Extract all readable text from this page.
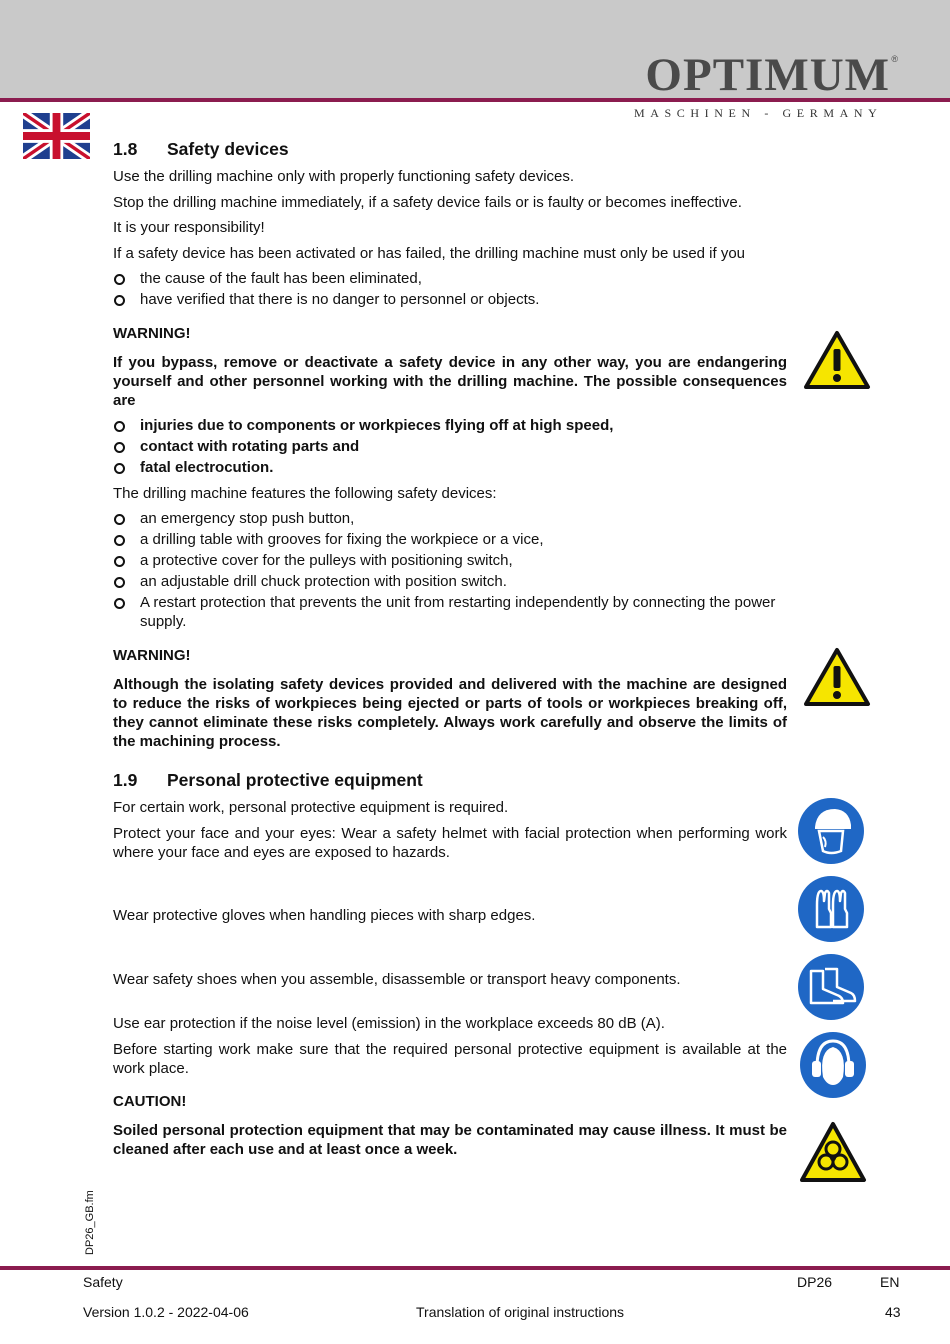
OPTIMUM ®
MASCHINEN - GERMANY
1.8	Safety devices
Use the drilling machine only with properly functioning safety devices.
Stop the drilling machine immediately, if a safety device fails or is faulty or becomes ineffective.
It is your responsibility!
If a safety device has been activated or has failed, the drilling machine must only be used if you
the cause of the fault has been eliminated,
have verified that there is no danger to personnel or objects.
WARNING!
If you bypass, remove or deactivate a safety device in any other way, you are endangering yourself and other personnel working with the drilling machine. The possible consequences are
injuries due to components or workpieces flying off at high speed,
contact with rotating parts and
fatal electrocution.
The drilling machine features the following safety devices:
an emergency stop push button,
a drilling table with grooves for fixing the workpiece or a vice,
a protective cover for the pulleys with positioning switch,
an adjustable drill chuck protection with position switch.
A restart protection that prevents the unit from restarting independently by connecting the power supply.
WARNING!
Although the isolating safety devices provided and delivered with the machine are designed to reduce the risks of workpieces being ejected or parts of tools or workpieces breaking off, they cannot eliminate these risks completely. Always work carefully and observe the limits of the machining process.
1.9	Personal protective equipment
For certain work, personal protective equipment is required.
Protect your face and your eyes: Wear a safety helmet with facial protection when performing work where your face and eyes are exposed to hazards.
Wear protective gloves when handling pieces with sharp edges.
Wear safety shoes when you assemble, disassemble or transport heavy components.
Use ear protection if the noise level (emission) in the workplace exceeds 80 dB (A).
Before starting work make sure that the required personal protective equipment is available at the work place.
CAUTION!
Soiled personal protection equipment that may be contaminated may cause illness. It must be cleaned after each use and at least once a week.
DP26_GB.fm
Safety	DP26	EN
Version 1.0.2 - 2022-04-06	Translation of original instructions	43
